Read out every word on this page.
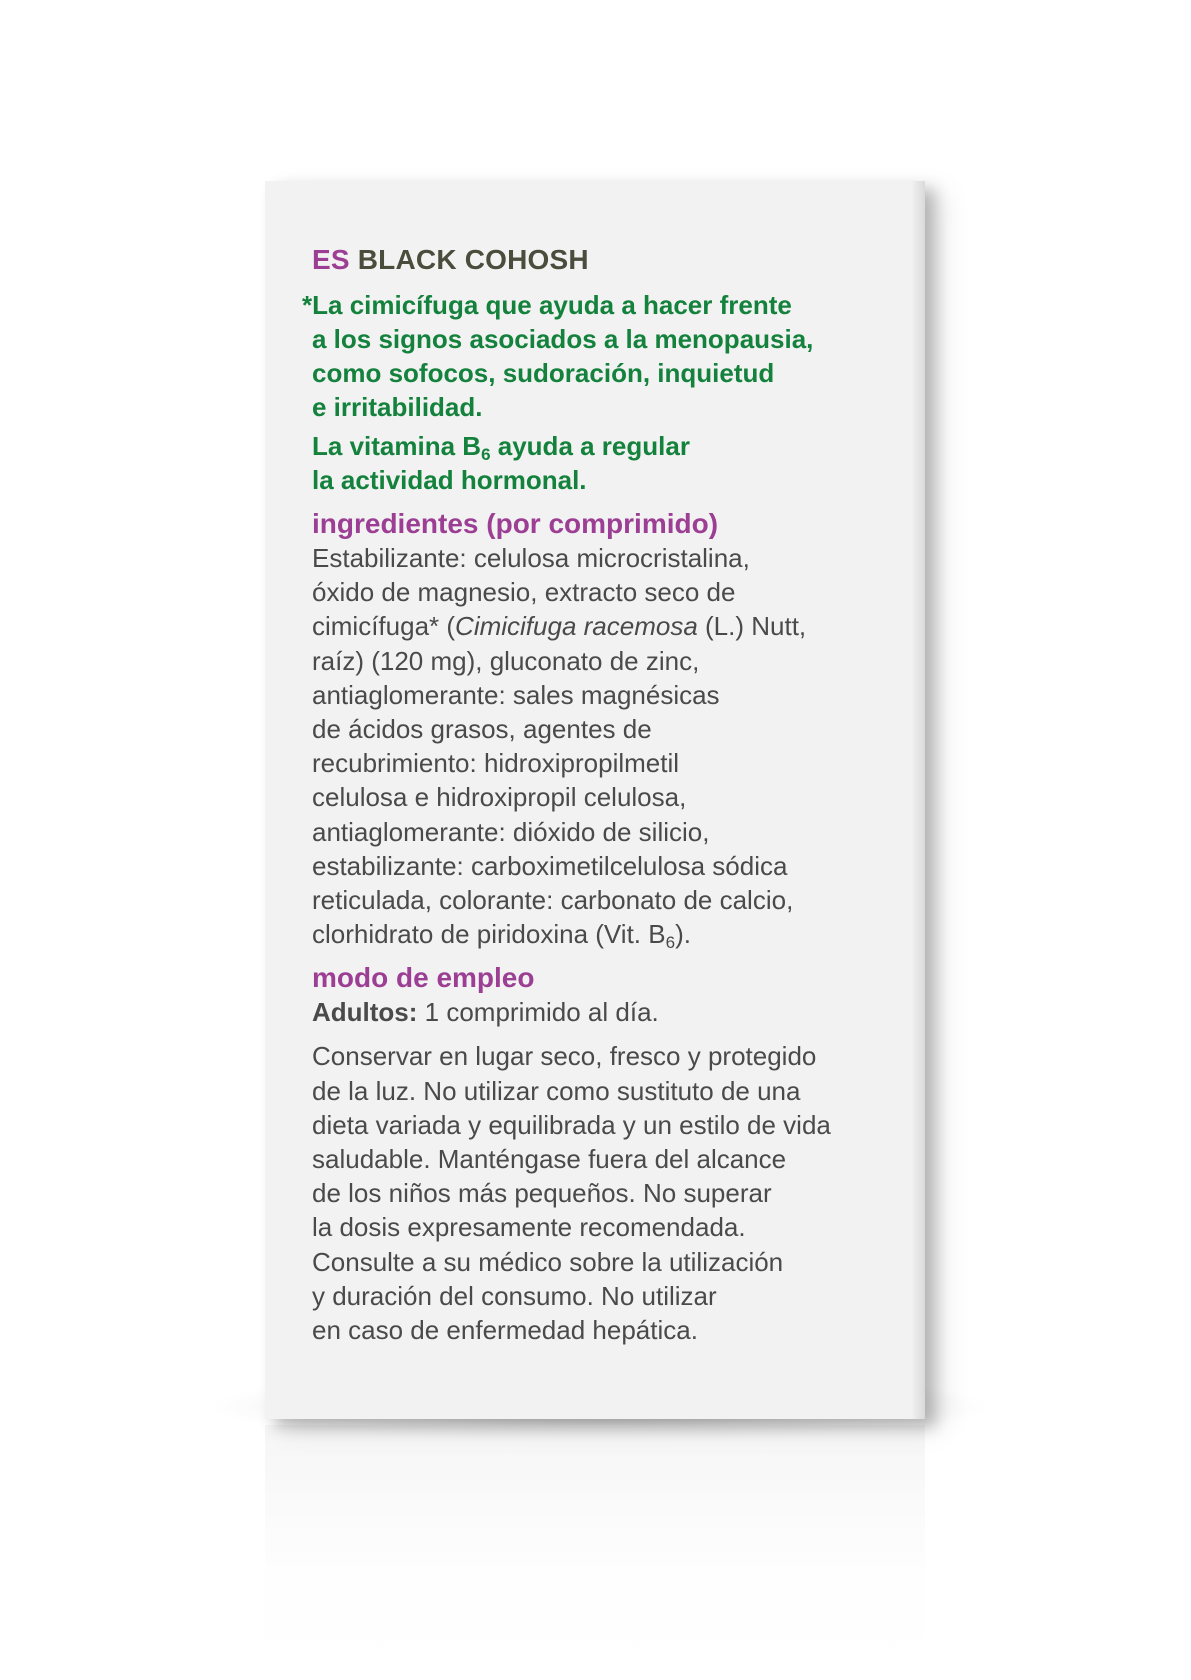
ES BLACK COHOSH

*La cimicífuga que ayuda a hacer frente
a los signos asociados a la menopausia,
como sofocos, sudoración, inquietud
e irritabilidad.

La vitamina $B_6$ ayuda a regular
la actividad hormonal.

ingredientes (por comprimido)

Estabilizante: celulosa microcristalina,
óxido de magnesio, extracto seco de
cimicífuga* (Cimicifuga racemosa (L.) Nutt,
raíz) (120 mg), gluconato de zinc,
antiaglomerante: sales magnésicas
de ácidos grasos, agentes de
recubrimiento: hidroxipropilmetil
celulosa e hidroxipropil celulosa,
antiaglomerante: dióxido de silicio,
estabilizante: carboximetilcelulosa sódica
reticulada, colorante: carbonato de calcio,
clorhidrato de piridoxina (Vit. $B_6$).

modo de empleo

Adultos: 1 comprimido al día.

Conservar en lugar seco, fresco y protegido
de la luz. No utilizar como sustituto de una
dieta variada y equilibrada y un estilo de vida
saludable. Manténgase fuera del alcance
de los niños más pequeños. No superar
la dosis expresamente recomendada.
Consulte a su médico sobre la utilización
y duración del consumo. No utilizar
en caso de enfermedad hepática.
